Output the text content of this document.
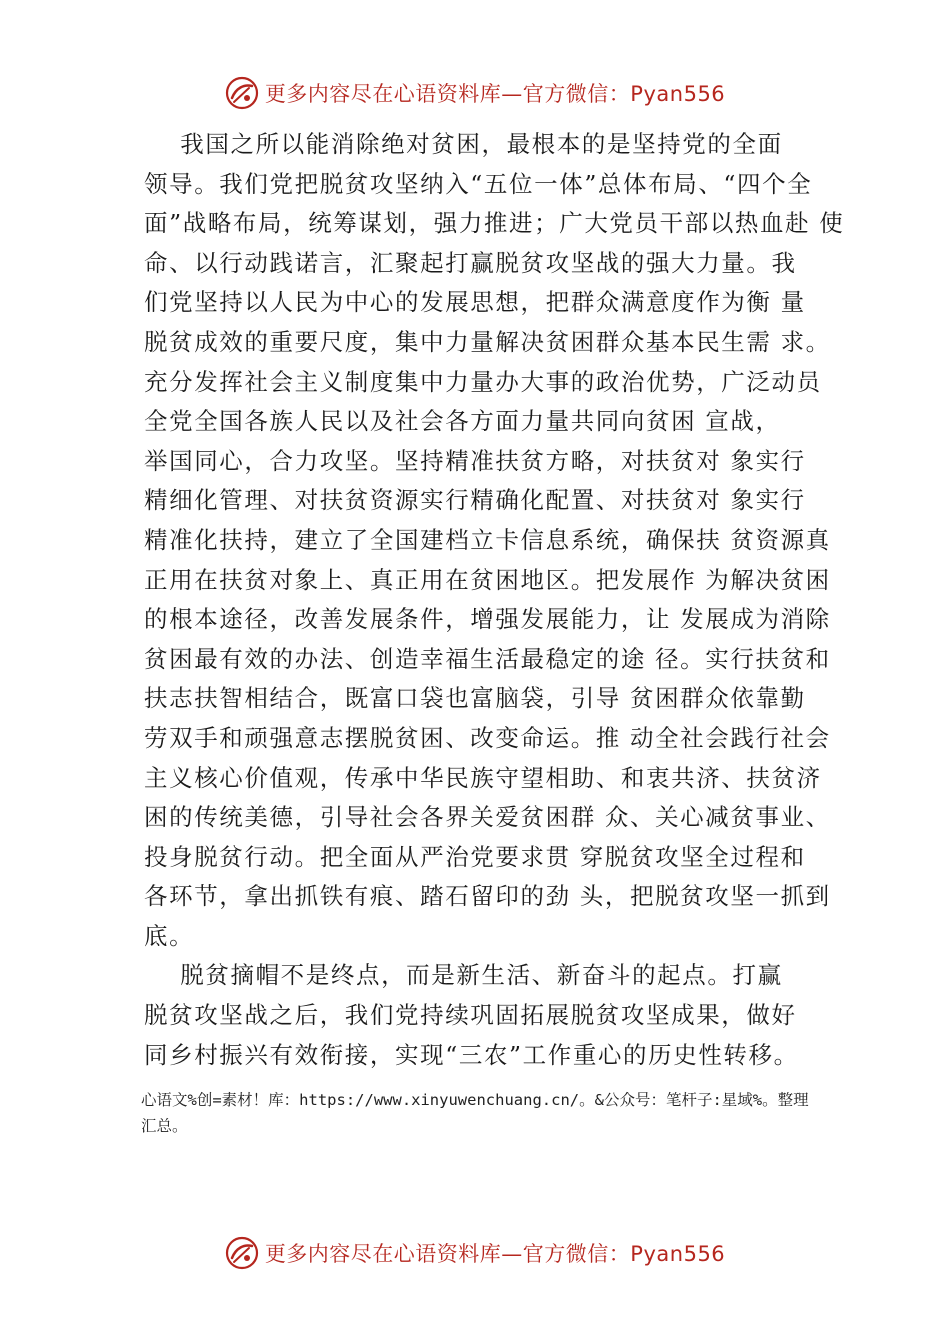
更多内容尽在心语资料库—官方微信：Pyan556
我国之所以能消除绝对贫困，最根本的是坚持党的全面
领导。我们党把脱贫攻坚纳入“五位一体”总体布局、“四个全
面”战略布局，统筹谋划，强力推进；广大党员干部以热血赴 使
命、以行动践诺言，汇聚起打赢脱贫攻坚战的强大力量。我
们党坚持以人民为中心的发展思想，把群众满意度作为衡 量
脱贫成效的重要尺度，集中力量解决贫困群众基本民生需 求。
充分发挥社会主义制度集中力量办大事的政治优势，广泛动员
全党全国各族人民以及社会各方面力量共同向贫困 宣战，
举国同心，合力攻坚。坚持精准扶贫方略，对扶贫对 象实行
精细化管理、对扶贫资源实行精确化配置、对扶贫对 象实行
精准化扶持，建立了全国建档立卡信息系统，确保扶 贫资源真
正用在扶贫对象上、真正用在贫困地区。把发展作 为解决贫困
的根本途径，改善发展条件，增强发展能力，让 发展成为消除
贫困最有效的办法、创造幸福生活最稳定的途 径。实行扶贫和
扶志扶智相结合，既富口袋也富脑袋，引导 贫困群众依靠勤
劳双手和顽强意志摆脱贫困、改变命运。推 动全社会践行社会
主义核心价值观，传承中华民族守望相助、和衷共济、扶贫济
困的传统美德，引导社会各界关爱贫困群 众、关心减贫事业、
投身脱贫行动。把全面从严治党要求贯 穿脱贫攻坚全过程和
各环节，拿出抓铁有痕、踏石留印的劲 头，把脱贫攻坚一抓到
底。
脱贫摘帽不是终点，而是新生活、新奋斗的起点。打赢
脱贫攻坚战之后，我们党持续巩固拓展脱贫攻坚成果，做好
同乡村振兴有效衔接，实现“三农”工作重心的历史性转移。
心语文%创=素材！库：https://www.xinyuwenchuang.cn/。&公众号：笔杆子:星域%。整理
汇总。
更多内容尽在心语资料库—官方微信：Pyan556
